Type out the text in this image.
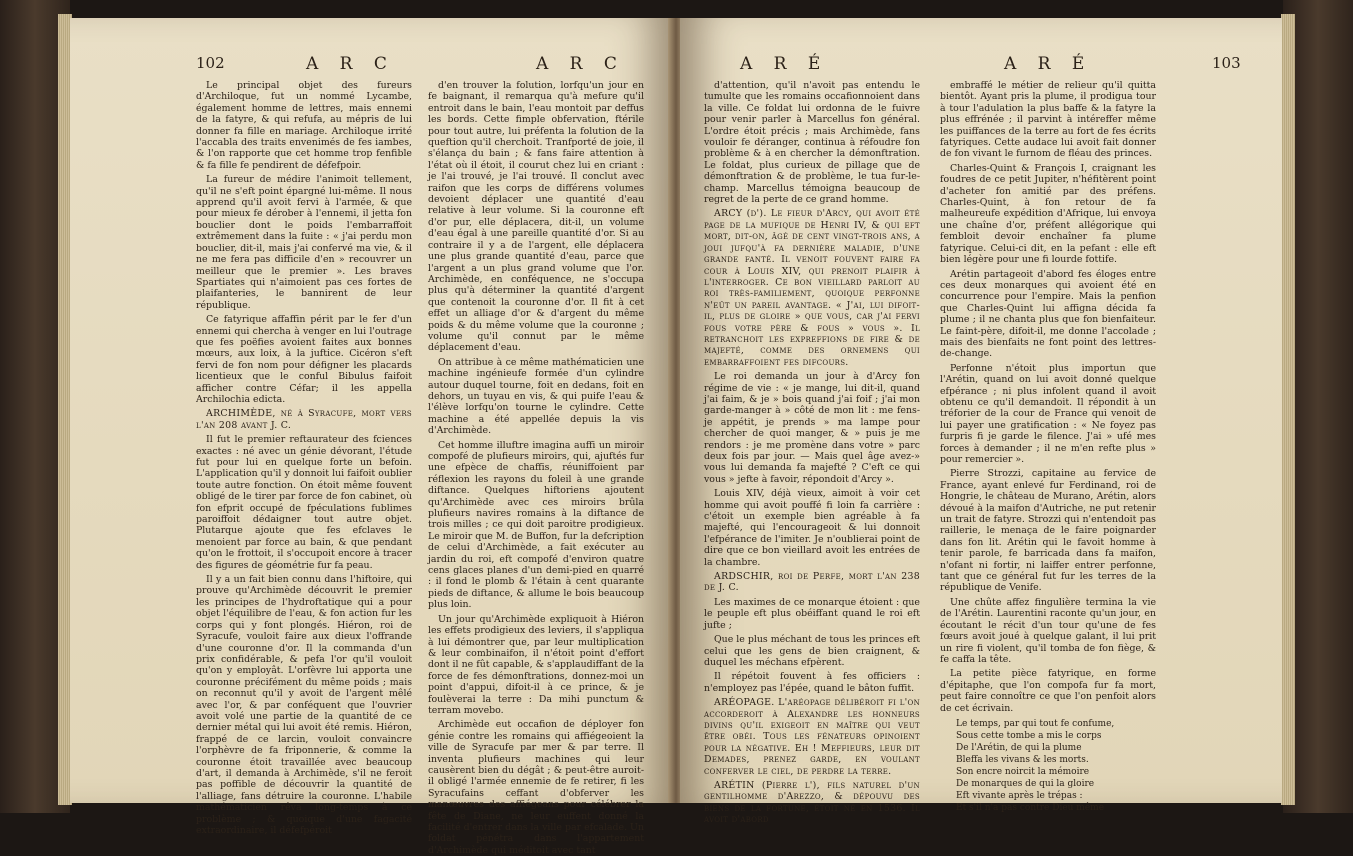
102	A R C	A R C

Le principal objet des fureurs d'Archiloque, fut un nommé Lycambe, également homme de lettres, mais ennemi de la fatyre, & qui refufa, au mépris de lui donner fa fille en mariage. Archiloque irrité l'accabla des traits envenimés de fes iambes, & l'on rapporte que cet homme trop fenfible & fa fille fe pendirent de défefpoir.

La fureur de médire l'animoit tellement, qu'il ne s'eft point épargné lui-même. Il nous apprend qu'il avoit fervi à l'armée, & que pour mieux fe dérober à l'ennemi, il jetta fon bouclier dont le poids l'embarraffoit extrêmement dans la fuite : « j'ai perdu mon bouclier, dit-il, mais j'ai confervé ma vie, & il ne me fera pas difficile d'en » recouvrer un meilleur que le premier ». Les braves Spartiates qui n'aimoient pas ces fortes de plaifanteries, le bannirent de leur république.

Ce fatyrique affaffin périt par le fer d'un ennemi qui chercha à venger en lui l'outrage que fes poëfies avoient faites aux bonnes mœurs, aux loix, à la juftice. Cicéron s'eft fervi de fon nom pour défigner les placards licentieux que le conful Bibulus faifoit afficher contre Céfar; il les appella Archilochia edicta.

ARCHIMÈDE, né à Syracufe, mort vers l'an 208 avant J. C.

Il fut le premier reftaurateur des fciences exactes : né avec un génie dévorant, l'étude fut pour lui en quelque forte un befoin. L'application qu'il y donnoit lui faifoit oublier toute autre fonction. On étoit même fouvent obligé de le tirer par force de fon cabinet, où fon efprit occupé de fpéculations fublimes paroiffoit dédaigner tout autre objet. Plutarque ajoute que fes efclaves le menoient par force au bain, & que pendant qu'on le frottoit, il s'occupoit encore à tracer des figures de géométrie fur fa peau.

Il y a un fait bien connu dans l'hiftoire, qui prouve qu'Archimède découvrit le premier les principes de l'hydroftatique qui a pour objet l'équilibre de l'eau, & fon action fur les corps qui y font plongés. Hiéron, roi de Syracufe, vouloit faire aux dieux l'offrande d'une couronne d'or. Il la commanda d'un prix confidérable, & pefa l'or qu'il vouloit qu'on y employât. L'orfèvre lui apporta une couronne précifément du même poids ; mais on reconnut qu'il y avoit de l'argent mêlé avec l'or, & par conféquent que l'ouvrier avoit volé une partie de la quantité de ce dernier métal qui lui avoit été remis. Hiéron, frappé de ce larcin, vouloit convaincre l'orphèvre de fa friponnerie, & comme la couronne étoit travaillée avec beaucoup d'art, il demanda à Archimède, s'il ne feroit pas poffible de découvrir la quantité de l'alliage, fans détruire la couronne. L'habile mathématicien rêva long-temps à ce problème ; & quoique d'une fagacité extraordinaire, il défefpéroit

d'en trouver la folution, lorfqu'un jour en fe baignant, il remarqua qu'à mefure qu'il entroit dans le bain, l'eau montoit par deffus les bords. Cette fimple obfervation, ftérile pour tout autre, lui préfenta la folution de la queftion qu'il cherchoit. Tranfporté de joie, il s'élança du bain ; & fans faire attention à l'état où il étoit, il courut chez lui en criant : je l'ai trouvé, je l'ai trouvé. Il conclut avec raifon que les corps de différens volumes devoient déplacer une quantité d'eau relative à leur volume. Si la couronne eft d'or pur, elle déplacera, dit-il, un volume d'eau égal à une pareille quantité d'or. Si au contraire il y a de l'argent, elle déplacera une plus grande quantité d'eau, parce que l'argent a un plus grand volume que l'or. Archimède, en conféquence, ne s'occupa plus qu'à déterminer la quantité d'argent que contenoit la couronne d'or. Il fit à cet effet un alliage d'or & d'argent du même poids & du même volume que la couronne ; volume qu'il connut par le même déplacement d'eau.

On attribue à ce même mathématicien une machine ingénieufe formée d'un cylindre autour duquel tourne, foit en dedans, foit en dehors, un tuyau en vis, & qui puife l'eau & l'élève lorfqu'on tourne le cylindre. Cette machine a été appellée depuis la vis d'Archimède.

Cet homme illuftre imagina auffi un miroir compofé de plufieurs miroirs, qui, ajuftés fur une efpèce de chaffis, réuniffoient par réflexion les rayons du foleil à une grande diftance. Quelques hiftoriens ajoutent qu'Archimède avec ces miroirs brûla plufieurs navires romains à la diftance de trois milles ; ce qui doit paroitre prodigieux. Le miroir que M. de Buffon, fur la defcription de celui d'Archimède, a fait exécuter au jardin du roi, eft compofé d'environ quatre cens glaces planes d'un demi-pied en quarré : il fond le plomb & l'étain à cent quarante pieds de diftance, & allume le bois beaucoup plus loin.

Un jour qu'Archimède expliquoit à Hiéron les effets prodigieux des leviers, il s'appliqua à lui démontrer que, par leur multiplication & leur combinaifon, il n'étoit point d'effort dont il ne fût capable, & s'applaudiffant de la force de fes démonftrations, donnez-moi un point d'appui, difoit-il à ce prince, & je foulèverai la terre : Da mihi punctum & terram movebo.

Archimède eut occafion de déployer fon génie contre les romains qui affiégeoient la ville de Syracufe par mer & par terre. Il inventa plufieurs machines qui leur causèrent bien du dégât ; & peut-être auroit-il obligé l'armée ennemie de fe retirer, fi les Syracufains ceffant d'obferver les manœuvres des affiégeans pour célébrer la fête de Diane, ne leur euffent donné la facilité d'entrer dans la ville par efcalade. Un foldat pénétra dans l'appartement d'Archimède qui méditoit avec tant

A R É	A R É	103

d'attention, qu'il n'avoit pas entendu le tumulte que les romains occafionnoient dans la ville. Ce foldat lui ordonna de le fuivre pour venir parler à Marcellus fon général. L'ordre étoit précis ; mais Archimède, fans vouloir fe déranger, continua à réfoudre fon problème & à en chercher la démonftration. Le foldat, plus curieux de pillage que de démonftration & de problème, le tua fur-le-champ. Marcellus témoigna beaucoup de regret de la perte de ce grand homme.

ARCY (d'). Le fieur d'Arcy, qui avoit été page de la mufique de Henri IV, & qui eft mort, dit-on, âgé de cent vingt-trois ans, a joui jufqu'à fa dernière maladie, d'une grande fanté. Il venoit fouvent faire fa cour à Louis XIV, qui prenoit plaifir à l'interroger. Ce bon vieillard parloit au roi très-familiement, quoique perfonne n'eût un pareil avantage. « J'ai, lui difoit-il, plus de gloire » que vous, car j'ai fervi fous votre père & fous » vous ». Il retranchoit les expreffions de fire & de majefté, comme des ornemens qui embarraffoient fes difcours.

Le roi demanda un jour à d'Arcy fon régime de vie : « je mange, lui dit-il, quand j'ai faim, & je » bois quand j'ai foif ; j'ai mon garde-manger à » côté de mon lit : me fens-je appétit, je prends » ma lampe pour chercher de quoi manger, & » puis je me rendors : je me promène dans votre » parc deux fois par jour. — Mais quel âge avez-» vous lui demanda fa majefté ? C'eft ce qui vous » jefte à favoir, répondoit d'Arcy ».

Louis XIV, déjà vieux, aimoit à voir cet homme qui avoit pouffé fi loin fa carrière : c'étoit un exemple bien agréable à fa majefté, qui l'encourageoit & lui donnoit l'efpérance de l'imiter. Je n'oublierai point de dire que ce bon vieillard avoit les entrées de la chambre.

ARDSCHIR, roi de Perfe, mort l'an 238 de J. C.

Les maximes de ce monarque étoient : que le peuple eft plus obéiffant quand le roi eft jufte ;

Que le plus méchant de tous les princes eft celui que les gens de bien craignent, & duquel les méchans efpèrent.

Il répétoit fouvent à fes officiers : n'employez pas l'épée, quand le bâton fuffit.

ARÉOPAGE. L'aréopage délibéroit fi l'on accorderoit à Alexandre les honneurs divins qu'il exigeoit en maître qui veut être obéi. Tous les fénateurs opinoient pour la négative. Eh ! Meffieurs, leur dit Demades, prenez garde, en voulant conferver le ciel, de perdre la terre.

ARÉTIN (Pierre l'), fils naturel d'un gentilhomme d'Arezzo, & dépouvu des biens de la fortune, étoit né en 1536. Il avoit d'abord

embraffé le métier de relieur qu'il quitta bientôt. Ayant pris la plume, il prodigua tour à tour l'adulation la plus baffe & la fatyre la plus effrénée ; il parvint à intéreffer même les puiffances de la terre au fort de fes écrits fatyriques. Cette audace lui avoit fait donner de fon vivant le furnom de fléau des princes.

Charles-Quint & François I, craignant les foudres de ce petit Jupiter, n'héfitèrent point d'acheter fon amitié par des préfens. Charles-Quint, à fon retour de fa malheureufe expédition d'Afrique, lui envoya une chaîne d'or, préfent allégorique qui fembloit devoir enchaîner fa plume fatyrique. Celui-ci dit, en la pefant : elle eft bien légère pour une fi lourde fottife.

Arétin partageoit d'abord fes éloges entre ces deux monarques qui avoient été en concurrence pour l'empire. Mais la penfion que Charles-Quint lui affigna décida fa plume ; il ne chanta plus que fon bienfaiteur. Le faint-père, difoit-il, me donne l'accolade ; mais des bienfaits ne font point des lettres-de-change.

Perfonne n'étoit plus importun que l'Arétin, quand on lui avoit donné quelque efpérance ; ni plus infolent quand il avoit obtenu ce qu'il demandoit. Il répondit à un tréforier de la cour de France qui venoit de lui payer une gratification : « Ne foyez pas furpris fi je garde le filence. J'ai » ufé mes forces à demander ; il ne m'en refte plus » pour remercier ».

Pierre Strozzi, capitaine au fervice de France, ayant enlevé fur Ferdinand, roi de Hongrie, le château de Murano, Arétin, alors dévoué à la maifon d'Autriche, ne put retenir un trait de fatyre. Strozzi qui n'entendoit pas raillerie, le menaça de le faire poignarder dans fon lit. Arétin qui le favoit homme à tenir parole, fe barricada dans fa maifon, n'ofant ni fortir, ni laiffer entrer perfonne, tant que ce général fut fur les terres de la république de Venife.

Une chûte affez fingulière termina la vie de l'Arétin. Laurentini raconte qu'un jour, en écoutant le récit d'un tour qu'une de fes fœurs avoit joué à quelque galant, il lui prit un rire fi violent, qu'il tomba de fon fiège, & fe caffa la tête.

La petite pièce fatyrique, en forme d'épitaphe, que l'on compofa fur fa mort, peut faire connoître ce que l'on penfoit alors de cet écrivain.

Le temps, par qui tout fe confume,
Sous cette tombe a mis le corps
De l'Arétin, de qui la plume
Bleffa les vivans & les morts.
Son encre noircit la mémoire
De monarques de qui la gloire
Eft vivante après le trépas :
Et s'il n'a pas contre Dieu même
